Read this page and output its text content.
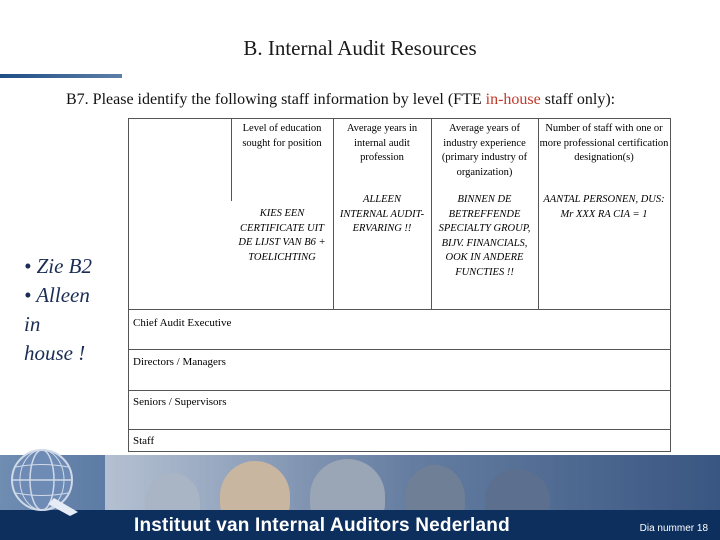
B. Internal Audit Resources
B7. Please identify the following staff information by level (FTE in-house staff only):
• Zie B2
• Alleen
in
house !
Level of education sought for position
Average years in internal audit profession
Average years of industry experience (primary industry of organization)
Number of staff with one or more professional certification designation(s)
KIES EEN CERTIFICATE UIT DE LIJST VAN B6 + TOELICHTING
ALLEEN INTERNAL AUDIT-ERVARING !!
BINNEN DE BETREFFENDE SPECIALTY GROUP, BIJV. FINANCIALS, OOK IN ANDERE FUNCTIES !!
AANTAL PERSONEN, DUS: Mr XXX RA CIA = 1
Chief Audit Executive
Directors / Managers
Seniors / Supervisors
Staff
Instituut van Internal Auditors Nederland	Dia nummer 18
